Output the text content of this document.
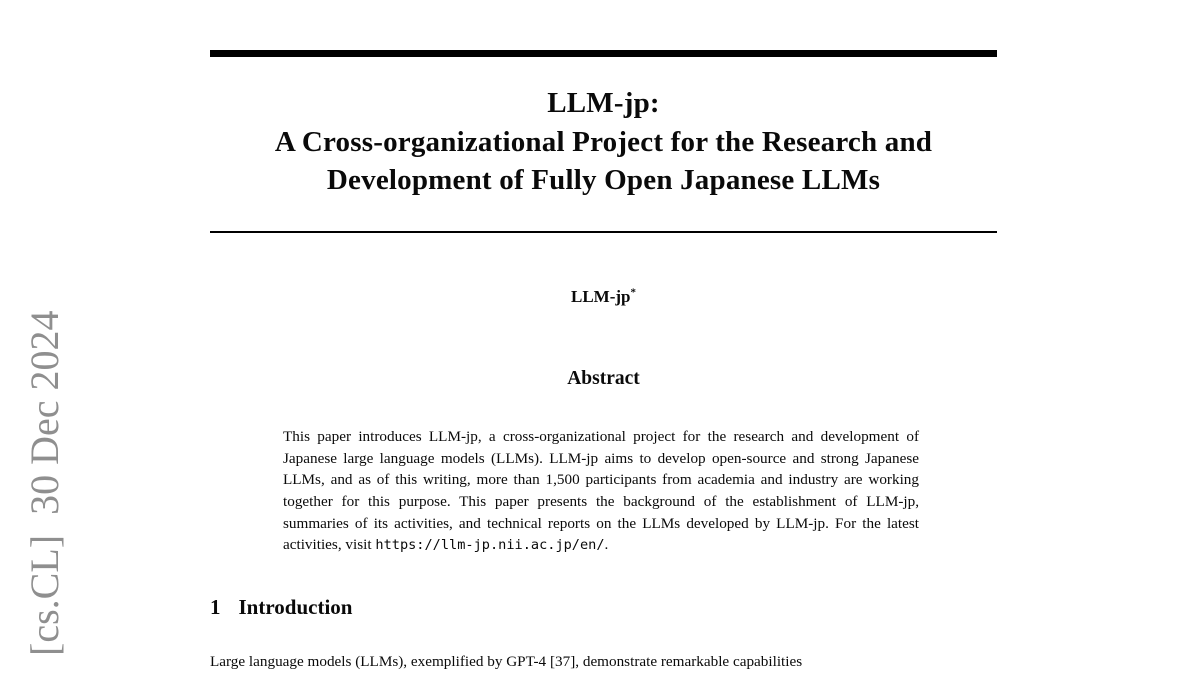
[cs.CL]  30 Dec 2024
LLM-jp:
A Cross-organizational Project for the Research and
Development of Fully Open Japanese LLMs
LLM-jp*
Abstract

This paper introduces LLM-jp, a cross-organizational project for the research and development of Japanese large language models (LLMs). LLM-jp aims to develop open-source and strong Japanese LLMs, and as of this writing, more than 1,500 participants from academia and industry are working together for this purpose. This paper presents the background of the establishment of LLM-jp, summaries of its activities, and technical reports on the LLMs developed by LLM-jp. For the latest activities, visit https://llm-jp.nii.ac.jp/en/.

1 Introduction

Large language models (LLMs), exemplified by GPT-4 [37], demonstrate remarkable capabilities
